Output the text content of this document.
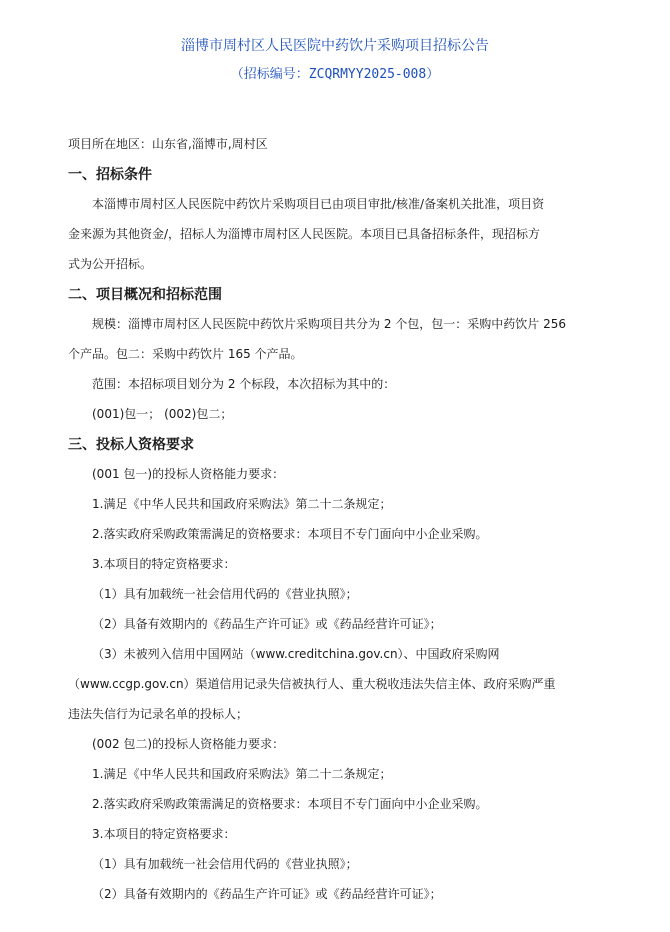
淄博市周村区人民医院中药饮片采购项目招标公告
（招标编号：ZCQRMYY2025-008）
项目所在地区：山东省,淄博市,周村区
一、招标条件
本淄博市周村区人民医院中药饮片采购项目已由项目审批/核准/备案机关批准，项目资
金来源为其他资金/，招标人为淄博市周村区人民医院。本项目已具备招标条件，现招标方
式为公开招标。
二、项目概况和招标范围
规模：淄博市周村区人民医院中药饮片采购项目共分为 2 个包，包一：采购中药饮片 256
个产品。包二：采购中药饮片 165 个产品。
范围：本招标项目划分为 2 个标段，本次招标为其中的：
(001)包一； (002)包二；
三、投标人资格要求
(001 包一)的投标人资格能力要求：
1.满足《中华人民共和国政府采购法》第二十二条规定；
2.落实政府采购政策需满足的资格要求：本项目不专门面向中小企业采购。
3.本项目的特定资格要求：
（1）具有加载统一社会信用代码的《营业执照》；
（2）具备有效期内的《药品生产许可证》或《药品经营许可证》；
（3）未被列入信用中国网站（www.creditchina.gov.cn）、中国政府采购网
（www.ccgp.gov.cn）渠道信用记录失信被执行人、重大税收违法失信主体、政府采购严重
违法失信行为记录名单的投标人；
(002 包二)的投标人资格能力要求：
1.满足《中华人民共和国政府采购法》第二十二条规定；
2.落实政府采购政策需满足的资格要求：本项目不专门面向中小企业采购。
3.本项目的特定资格要求：
（1）具有加载统一社会信用代码的《营业执照》；
（2）具备有效期内的《药品生产许可证》或《药品经营许可证》；
